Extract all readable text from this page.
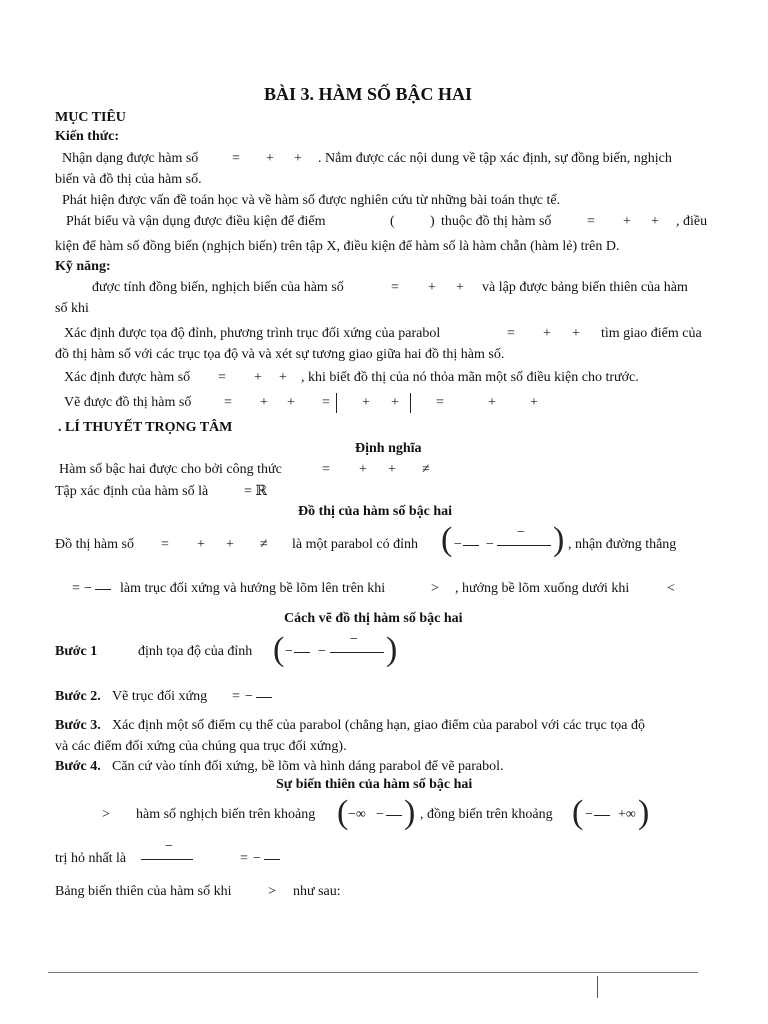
BÀI 3. HÀM SỐ BẬC HAI
MỤC TIÊU
Kiến thức:
Nhận dạng được hàm số = + + . Nắm được các nội dung về tập xác định, sự đồng biến, nghịch
biến và đồ thị của hàm số.
Phát hiện được vấn đề toán học và về hàm số được nghiên cứu từ những bài toán thực tế.
Phát biểu và vận dụng được điều kiện để điểm	(	) thuộc đồ thị hàm số	= + + , điều
kiện để hàm số đồng biến (nghịch biến) trên tập X, điều kiện để hàm số là hàm chẵn (hàm lẻ) trên D.
Kỹ năng:
được tính đồng biến, nghịch biến của hàm số	= + + và lập được bảng biến thiên của hàm
số khi
Xác định được tọa độ đỉnh, phương trình trục đối xứng của parabol	= + + tìm giao điểm của
đồ thị hàm số với các trục tọa độ và và xét sự tương giao giữa hai đồ thị hàm số.
Xác định được hàm số = + + , khi biết đồ thị của nó thỏa mãn một số điều kiện cho trước.
Vẽ được đồ thị hàm số = + + = + +	=	+ +
. LÍ THUYẾT TRỌNG TÂM
Định nghĩa
Hàm số bậc hai được cho bởi công thức	= + + ≠
Tập xác định của hàm số là	= ℝ
Đồ thị của hàm số bậc hai
Đồ thị hàm số = + + ≠ là một parabol có đỉnh ( − −
− ) , nhận đường thẳng
= − làm trục đối xứng và hướng bề lõm lên trên khi	> , hướng bề lõm xuống dưới khi	<
Cách vẽ đồ thị hàm số bậc hai
Bước 1	định tọa độ của đỉnh ( − −
− )
Bước 2. Vẽ trục đối xứng = −
Bước 3. Xác định một số điểm cụ thể của parabol (chẳng hạn, giao điểm của parabol với các trục tọa độ
và các điểm đối xứng của chúng qua trục đối xứng).
Bước 4. Căn cứ vào tính đối xứng, bề lõm và hình dáng parabol để vẽ parabol.
Sự biến thiên của hàm số bậc hai
> hàm số nghịch biến trên khoảng ( −∞ − ) , đồng biến trên khoảng ( − +∞ )
trị hỏ nhất là
−
= −
Bảng biến thiên của hàm số khi	> như sau:
